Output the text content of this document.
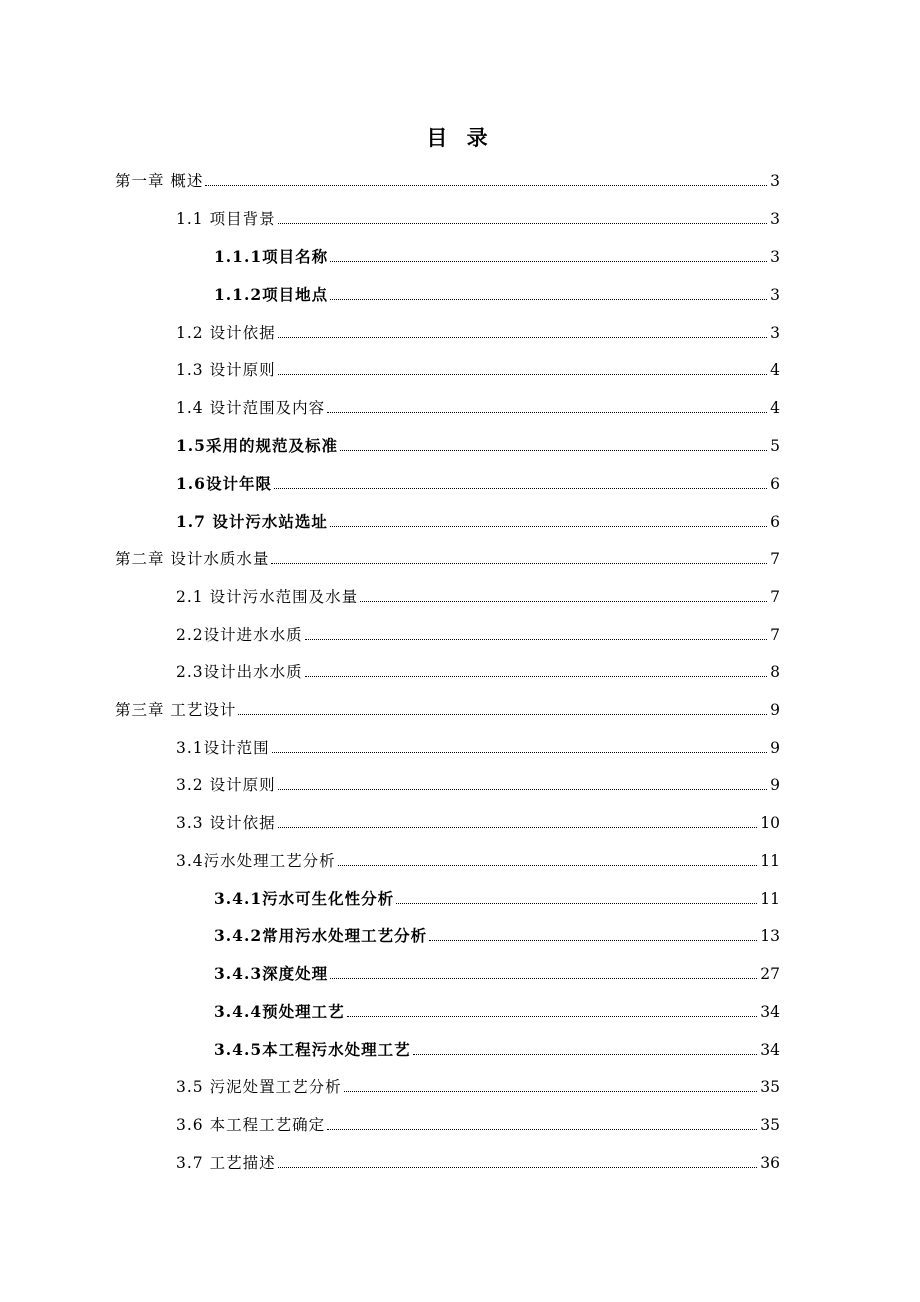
目 录
第一章 概述	3
1.1 项目背景	3
1.1.1项目名称	3
1.1.2项目地点	3
1.2 设计依据	3
1.3 设计原则	4
1.4 设计范围及内容	4
1.5采用的规范及标准	5
1.6设计年限	6
1.7 设计污水站选址	6
第二章 设计水质水量	7
2.1 设计污水范围及水量	7
2.2设计进水水质	7
2.3设计出水水质	8
第三章 工艺设计	9
3.1设计范围	9
3.2 设计原则	9
3.3 设计依据	10
3.4污水处理工艺分析	11
3.4.1污水可生化性分析	11
3.4.2常用污水处理工艺分析	13
3.4.3深度处理	27
3.4.4预处理工艺	34
3.4.5本工程污水处理工艺	34
3.5 污泥处置工艺分析	35
3.6 本工程工艺确定	35
3.7 工艺描述	36
